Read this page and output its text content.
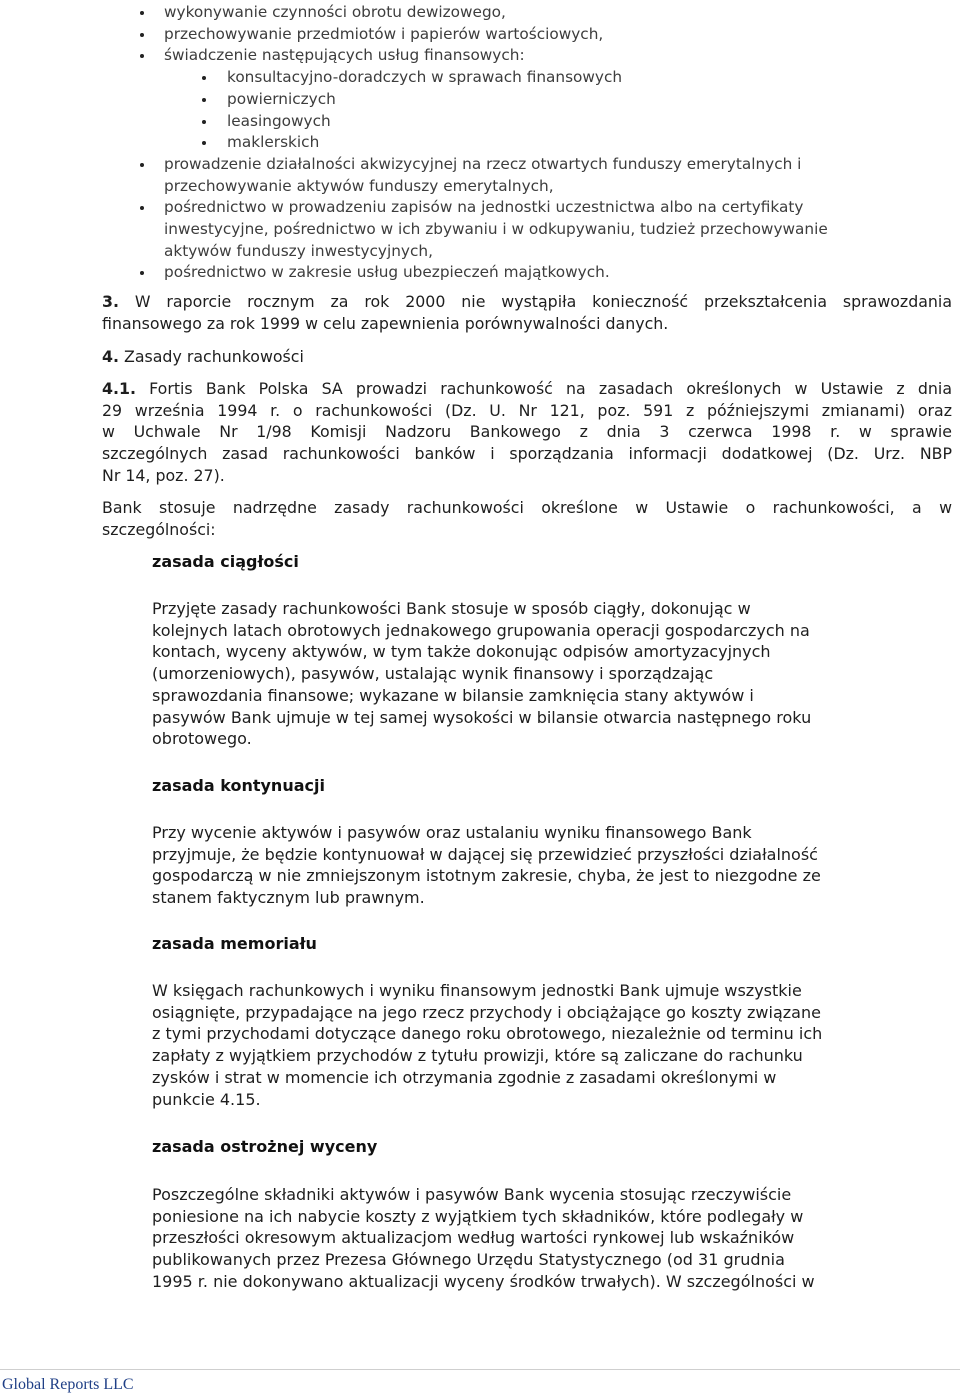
wykonywanie czynności obrotu dewizowego,
przechowywanie przedmiotów i papierów wartościowych,
świadczenie następujących usług finansowych:
konsultacyjno-doradczych w sprawach finansowych
powierniczych
leasingowych
maklerskich
prowadzenie działalności akwizycyjnej na rzecz otwartych funduszy emerytalnych i
przechowywanie aktywów funduszy emerytalnych,
pośrednictwo w prowadzeniu zapisów na jednostki uczestnictwa albo na certyfikaty
inwestycyjne, pośrednictwo w ich zbywaniu i w odkupywaniu, tudzież przechowywanie
aktywów funduszy inwestycyjnych,
pośrednictwo w zakresie usług ubezpieczeń majątkowych.
3. W raporcie rocznym za rok 2000 nie wystąpiła konieczność przekształcenia sprawozdania
finansowego za rok 1999 w celu zapewnienia porównywalności danych.
4. Zasady rachunkowości
4.1. Fortis Bank Polska SA prowadzi rachunkowość na zasadach określonych w Ustawie z dnia
29 września 1994 r. o rachunkowości (Dz. U. Nr 121, poz. 591 z późniejszymi zmianami) oraz
w Uchwale Nr 1/98 Komisji Nadzoru Bankowego z dnia 3 czerwca 1998 r. w sprawie
szczególnych zasad rachunkowości banków i sporządzania informacji dodatkowej (Dz. Urz. NBP
Nr 14, poz. 27).
Bank stosuje nadrzędne zasady rachunkowości określone w Ustawie o rachunkowości, a w
szczególności:
zasada ciągłości
Przyjęte zasady rachunkowości Bank stosuje w sposób ciągły, dokonując w
kolejnych latach obrotowych jednakowego grupowania operacji gospodarczych na
kontach, wyceny aktywów, w tym także dokonując odpisów amortyzacyjnych
(umorzeniowych), pasywów, ustalając wynik finansowy i sporządzając
sprawozdania finansowe; wykazane w bilansie zamknięcia stany aktywów i
pasywów Bank ujmuje w tej samej wysokości w bilansie otwarcia następnego roku
obrotowego.
zasada kontynuacji
Przy wycenie aktywów i pasywów oraz ustalaniu wyniku finansowego Bank
przyjmuje, że będzie kontynuował w dającej się przewidzieć przyszłości działalność
gospodarczą w nie zmniejszonym istotnym zakresie, chyba, że jest to niezgodne ze
stanem faktycznym lub prawnym.
zasada memoriału
W księgach rachunkowych i wyniku finansowym jednostki Bank ujmuje wszystkie
osiągnięte, przypadające na jego rzecz przychody i obciążające go koszty związane
z tymi przychodami dotyczące danego roku obrotowego, niezależnie od terminu ich
zapłaty z wyjątkiem przychodów z tytułu prowizji, które są zaliczane do rachunku
zysków i strat w momencie ich otrzymania zgodnie z zasadami określonymi w
punkcie 4.15.
zasada ostrożnej wyceny
Poszczególne składniki aktywów i pasywów Bank wycenia stosując rzeczywiście
poniesione na ich nabycie koszty z wyjątkiem tych składników, które podlegały w
przeszłości okresowym aktualizacjom według wartości rynkowej lub wskaźników
publikowanych przez Prezesa Głównego Urzędu Statystycznego (od 31 grudnia
1995 r. nie dokonywano aktualizacji wyceny środków trwałych). W szczególności w
Global Reports LLC
